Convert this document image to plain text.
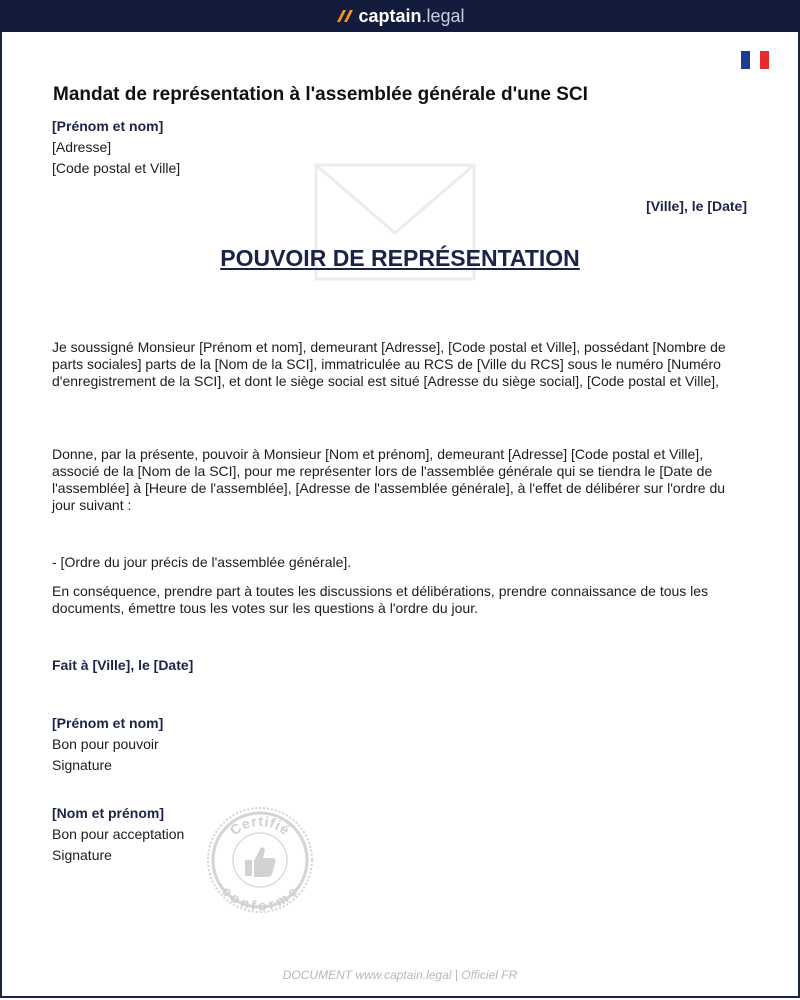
captain .legal
Mandat de représentation à l'assemblée générale d'une SCI
[Prénom et nom]
[Adresse]
[Code postal et Ville]
[Ville], le [Date]
POUVOIR DE REPRÉSENTATION

Je soussigné Monsieur [Prénom et nom], demeurant [Adresse], [Code postal et Ville], possédant [Nombre de parts sociales] parts de la [Nom de la SCI], immatriculée au RCS de [Ville du RCS] sous le numéro [Numéro d'enregistrement de la SCI], et dont le siège social est situé [Adresse du siège social], [Code postal et Ville],

Donne, par la présente, pouvoir à Monsieur [Nom et prénom], demeurant [Adresse] [Code postal et Ville], associé de la [Nom de la SCI], pour me représenter lors de l'assemblée générale qui se tiendra le [Date de l'assemblée] à [Heure de l'assemblée], [Adresse de l'assemblée générale], à l'effet de délibérer sur l'ordre du jour suivant :

- [Ordre du jour précis de l'assemblée générale].

En conséquence, prendre part à toutes les discussions et délibérations, prendre connaissance de tous les documents, émettre tous les votes sur les questions à l'ordre du jour.

Fait à [Ville], le [Date]
[Prénom et nom]
Bon pour pouvoir
Signature
[Nom et prénom]
Bon pour acceptation
Signature
Certifié
conforme
DOCUMENT www.captain.legal | Officiel FR
